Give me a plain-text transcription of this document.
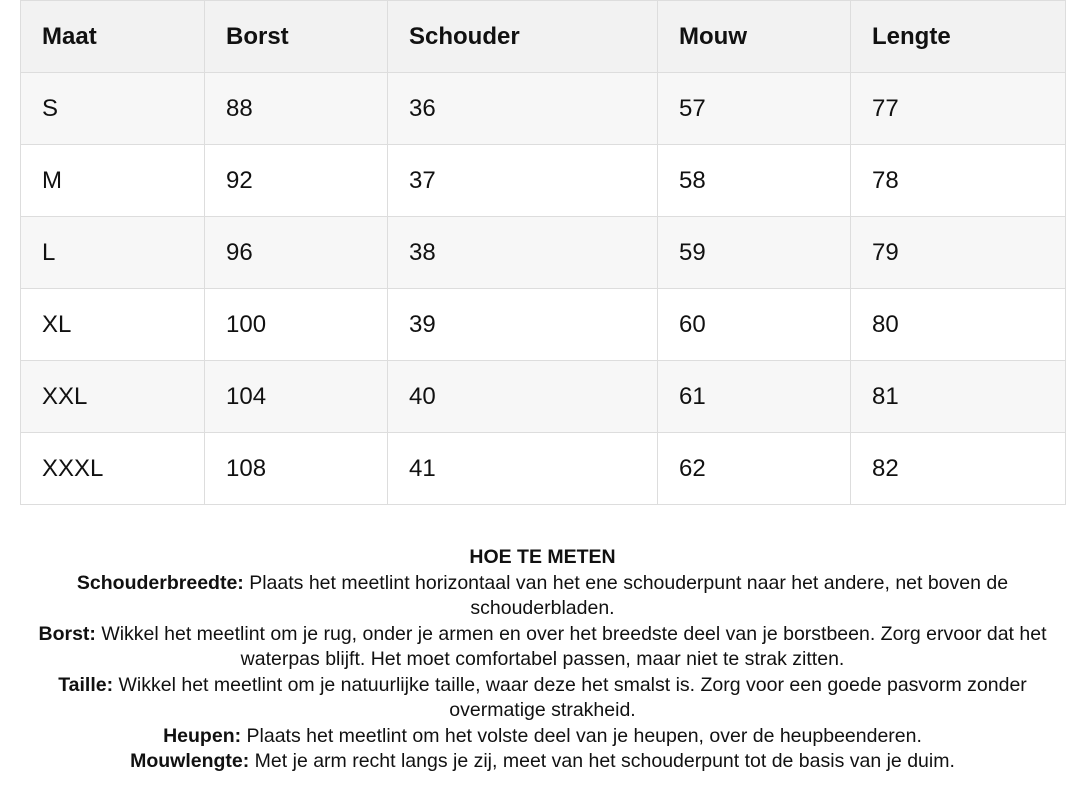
Maat	Borst	Schouder	Mouw	Lengte
S	88	36	57	77
M	92	37	58	78
L	96	38	59	79
XL	100	39	60	80
XXL	104	40	61	81
XXXL	108	41	62	82

HOE TE METEN

Schouderbreedte: Plaats het meetlint horizontaal van het ene schouderpunt naar het andere, net boven de schouderbladen.

Borst: Wikkel het meetlint om je rug, onder je armen en over het breedste deel van je borstbeen. Zorg ervoor dat het waterpas blijft. Het moet comfortabel passen, maar niet te strak zitten.

Taille: Wikkel het meetlint om je natuurlijke taille, waar deze het smalst is. Zorg voor een goede pasvorm zonder overmatige strakheid.

Heupen: Plaats het meetlint om het volste deel van je heupen, over de heupbeenderen.

Mouwlengte: Met je arm recht langs je zij, meet van het schouderpunt tot de basis van je duim.
